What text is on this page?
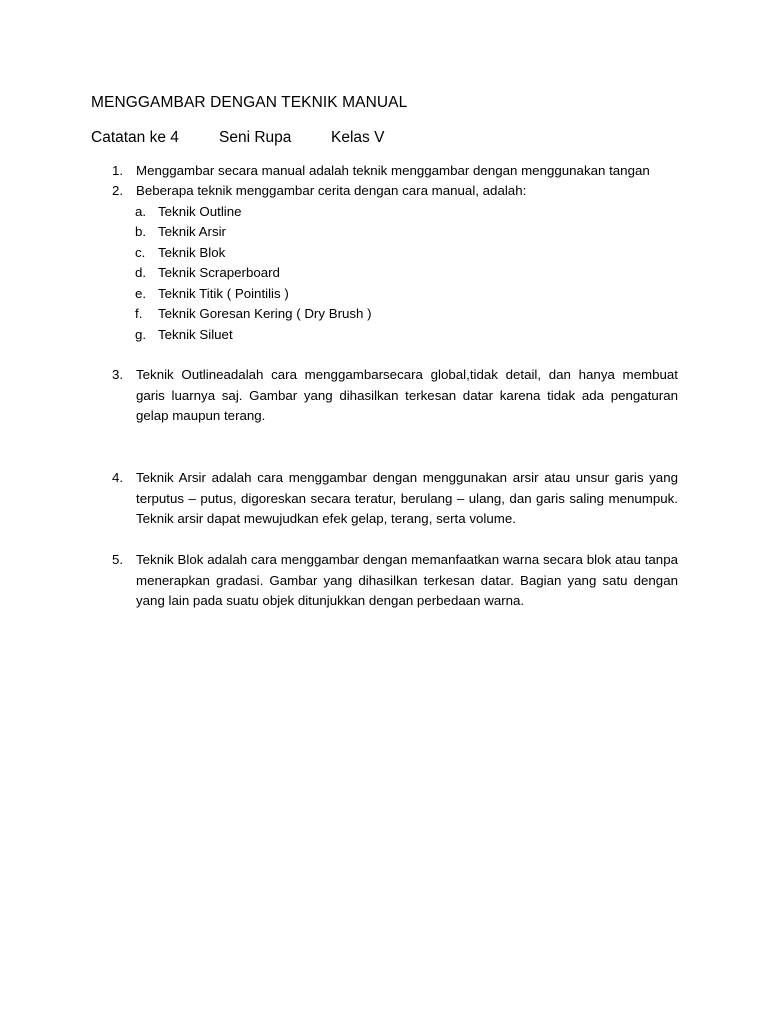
MENGGAMBAR DENGAN TEKNIK MANUAL
Catatan ke 4	Seni Rupa	Kelas V
1. Menggambar secara manual adalah teknik menggambar dengan menggunakan tangan
2. Beberapa teknik menggambar cerita dengan cara manual, adalah:
a. Teknik Outline
b. Teknik Arsir
c. Teknik Blok
d. Teknik Scraperboard
e. Teknik Titik ( Pointilis )
f. Teknik Goresan Kering ( Dry Brush )
g. Teknik Siluet
3. Teknik Outlineadalah cara menggambarsecara global,tidak detail, dan hanya membuat garis luarnya saj. Gambar yang dihasilkan terkesan datar karena tidak ada pengaturan gelap maupun terang.
4. Teknik Arsir adalah cara menggambar dengan menggunakan arsir atau unsur garis yang terputus – putus, digoreskan secara teratur, berulang – ulang, dan garis saling menumpuk. Teknik arsir dapat mewujudkan efek gelap, terang, serta volume.
5. Teknik Blok adalah cara menggambar dengan memanfaatkan warna secara blok atau tanpa menerapkan gradasi. Gambar yang dihasilkan terkesan datar. Bagian yang satu dengan yang lain pada suatu objek ditunjukkan dengan perbedaan warna.
